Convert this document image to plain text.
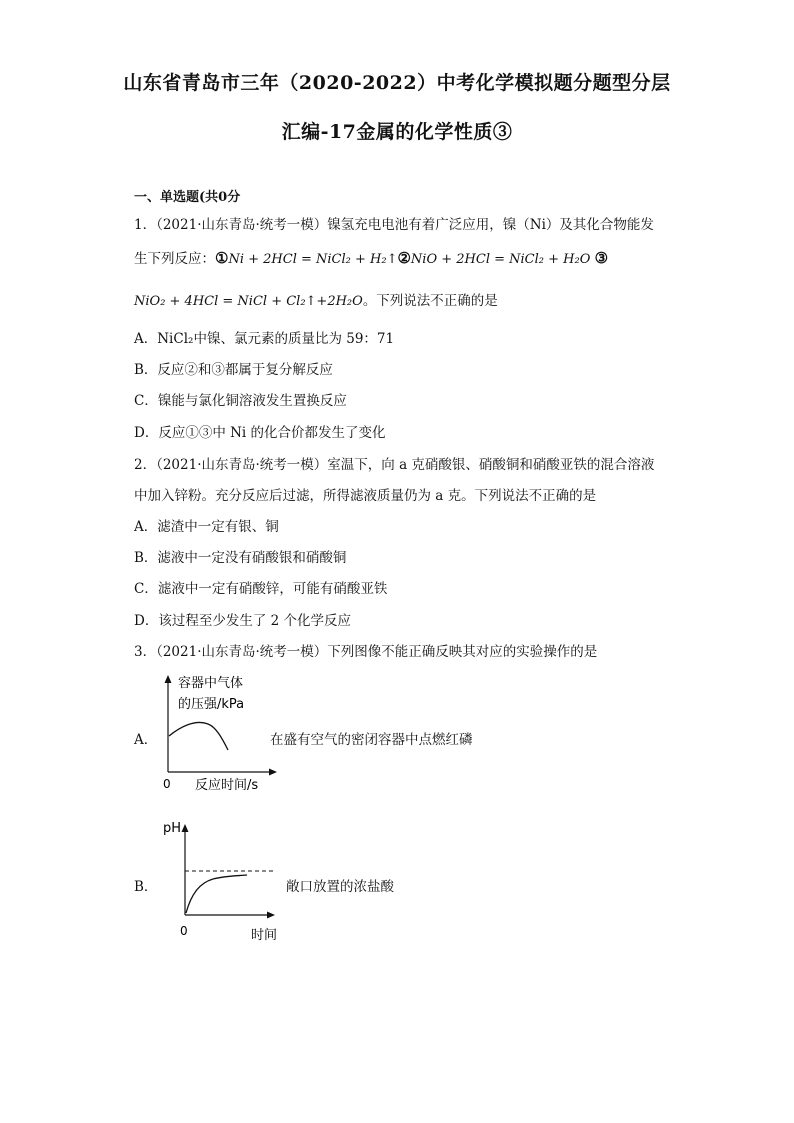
山东省青岛市三年（2020-2022）中考化学模拟题分题型分层
汇编-17金属的化学性质③
一、单选题(共0分
1．（2021·山东青岛·统考一模）镍氢充电电池有着广泛应用，镍（Ni）及其化合物能发
生下列反应：①Ni + 2HCl = NiCl₂ + H₂↑②NiO + 2HCl = NiCl₂ + H₂O ③
NiO₂ + 4HCl = NiCl + Cl₂↑+2H₂O。下列说法不正确的是
A．NiCl₂中镍、氯元素的质量比为 59：71
B．反应②和③都属于复分解反应
C．镍能与氯化铜溶液发生置换反应
D．反应①③中 Ni 的化合价都发生了变化
2．（2021·山东青岛·统考一模）室温下，向 a 克硝酸银、硝酸铜和硝酸亚铁的混合溶液
中加入锌粉。充分反应后过滤，所得滤液质量仍为 a 克。下列说法不正确的是
A．滤渣中一定有银、铜
B．滤液中一定没有硝酸银和硝酸铜
C．滤液中一定有硝酸锌，可能有硝酸亚铁
D．该过程至少发生了 2 个化学反应
3．（2021·山东青岛·统考一模）下列图像不能正确反映其对应的实验操作的是
A．
容器中气体
的压强/kPa
0 反应时间/s
在盛有空气的密闭容器中点燃红磷
B．
pH
0	时间
敞口放置的浓盐酸
